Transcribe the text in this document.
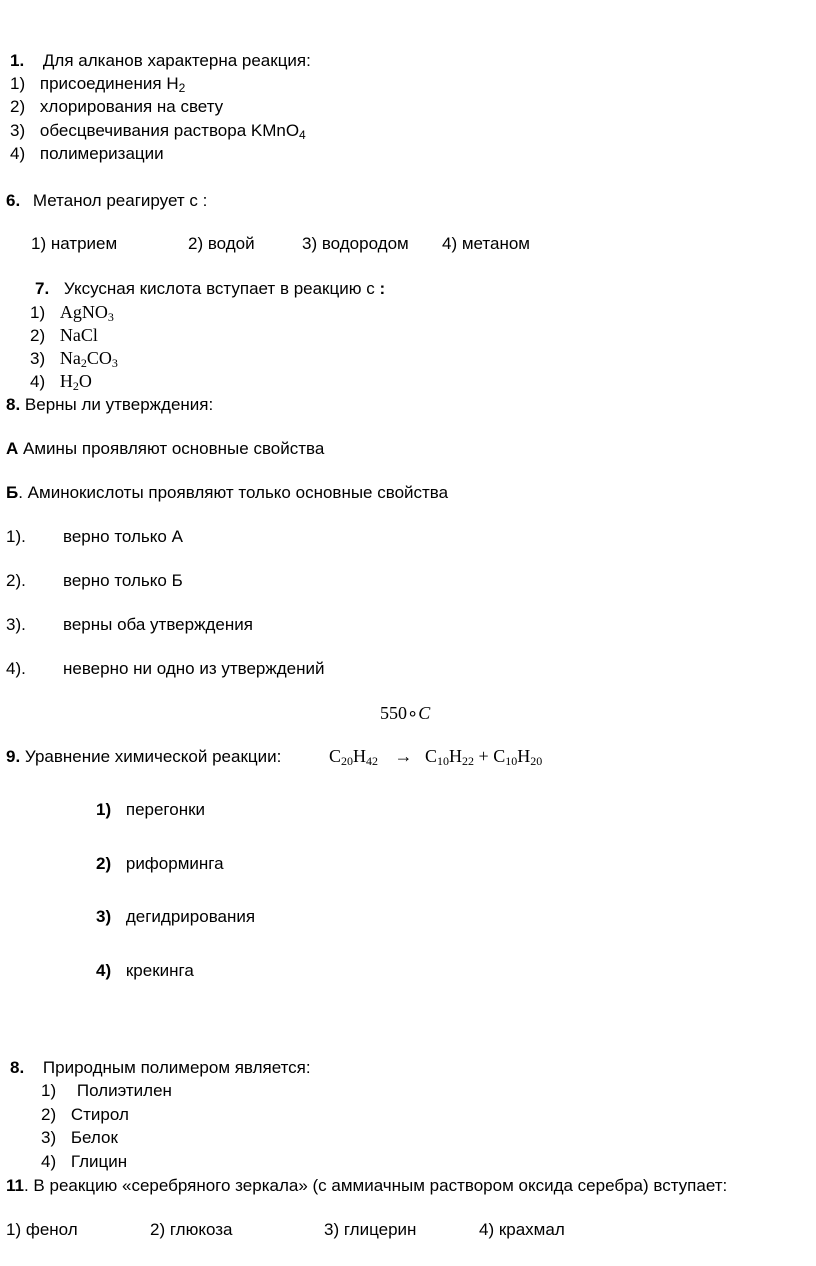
1. Для алканов характерна реакция:
1) присоединения $H_2$
2) хлорирования на свету
3) обесцвечивания раствора KMnO$_4$
4) полимеризации
6. Метанол реагирует с :
1) натрием	2) водой	3) водородом 4) метаном
7. Уксусная кислота вступает в реакцию с :
1) AgNO$_3$
2) NaCl
3) $Na_2CO_3$
4) $H_2O$
8. Верны ли утверждения:
А Амины проявляют основные свойства
Б. Аминокислоты проявляют только основные свойства
1). верно только А
2). верно только Б
3). верны оба утверждения
4). неверно ни одно из утверждений
550∘C
9. Уравнение химической реакции:	$C_{20}H_{42} \to C_{10}H_{22} + C_{10}H_{20}$
1) перегонки
2) риформинга
3) дегидрирования
4) крекинга
8. Природным полимером является:
1) Полиэтилен
2) Стирол
3) Белок
4) Глицин
11. В реакцию «серебряного зеркала» (с аммиачным раствором оксида серебра) вступает:
1) фенол	2) глюкоза	3) глицерин	4) крахмал
